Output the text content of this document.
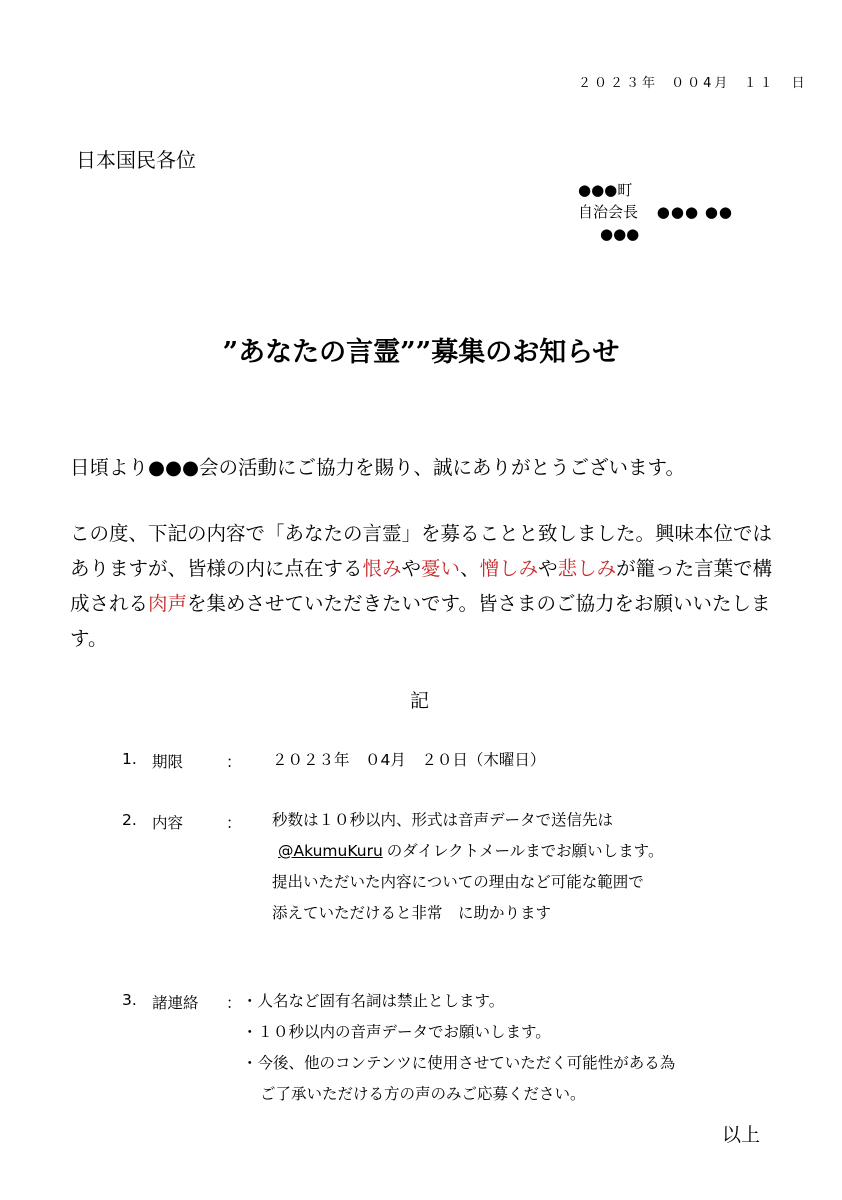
２０２３年 ００4月 １１　日
日本国民各位
●●●町
自治会長 ●●● ●●
●●●
”あなたの言霊””募集のお知らせ
日頃より●●●会の活動にご協力を賜り、誠にありがとうございます。
この度、下記の内容で「あなたの言霊」を募ることと致しました。興味本位ではありますが、皆様の内に点在する恨みや憂い、憎しみや悲しみが籠った言葉で構成される肉声を集めさせていただきたいです。皆さまのご協力をお願いいたします。
記
1. 期限	： ２０２３年　０4月　２０日（木曜日）
2. 内容	： 秒数は１０秒以内、形式は音声データで送信先は
@AkumuKuru のダイレクトメールまでお願いします。
提出いただいた内容についての理由など可能な範囲で
添えていただけると非常　に助かります
3. 諸連絡 ： ・人名など固有名詞は禁止とします。
・１０秒以内の音声データでお願いします。
・今後、他のコンテンツに使用させていただく可能性がある為
ご了承いただける方の声のみご応募ください。
以上
